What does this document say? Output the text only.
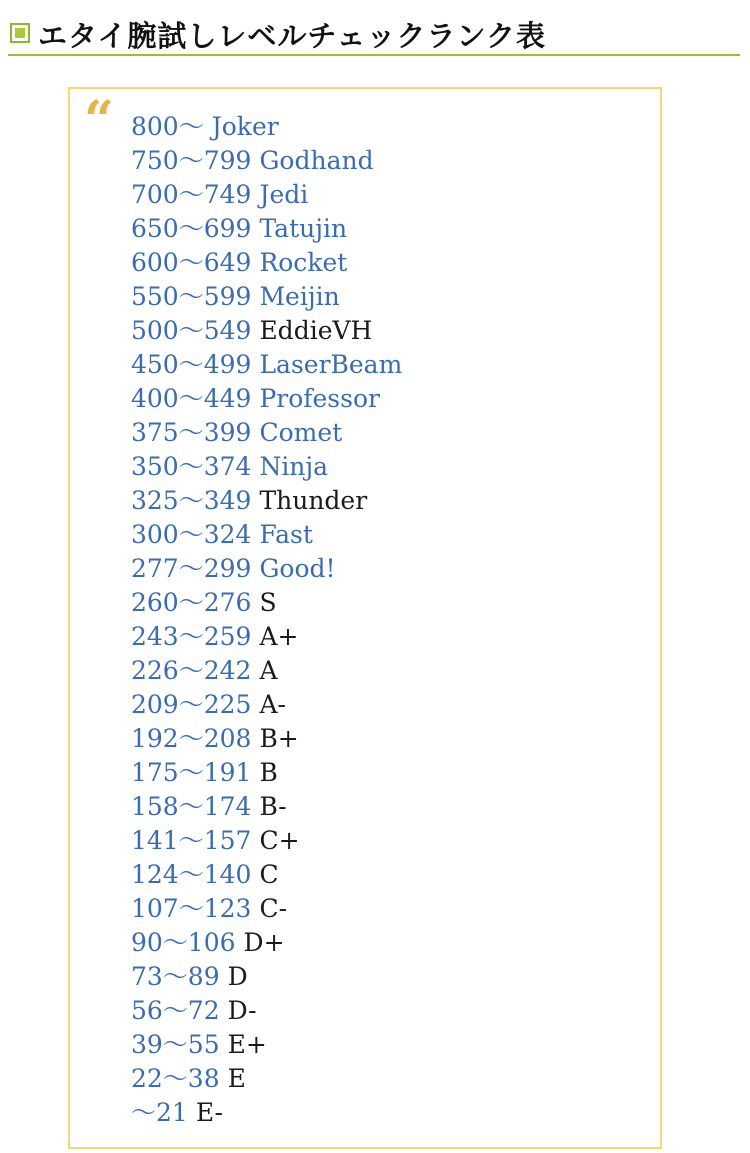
エタイ腕試しレベルチェックランク表
“ 800〜 Joker
750〜799 Godhand
700〜749 Jedi
650〜699 Tatujin
600〜649 Rocket
550〜599 Meijin
500〜549 EddieVH
450〜499 LaserBeam
400〜449 Professor
375〜399 Comet
350〜374 Ninja
325〜349 Thunder
300〜324 Fast
277〜299 Good!
260〜276 S
243〜259 A+
226〜242 A
209〜225 A-
192〜208 B+
175〜191 B
158〜174 B-
141〜157 C+
124〜140 C
107〜123 C-
90〜106 D+
73〜89 D
56〜72 D-
39〜55 E+
22〜38 E
〜21 E-
